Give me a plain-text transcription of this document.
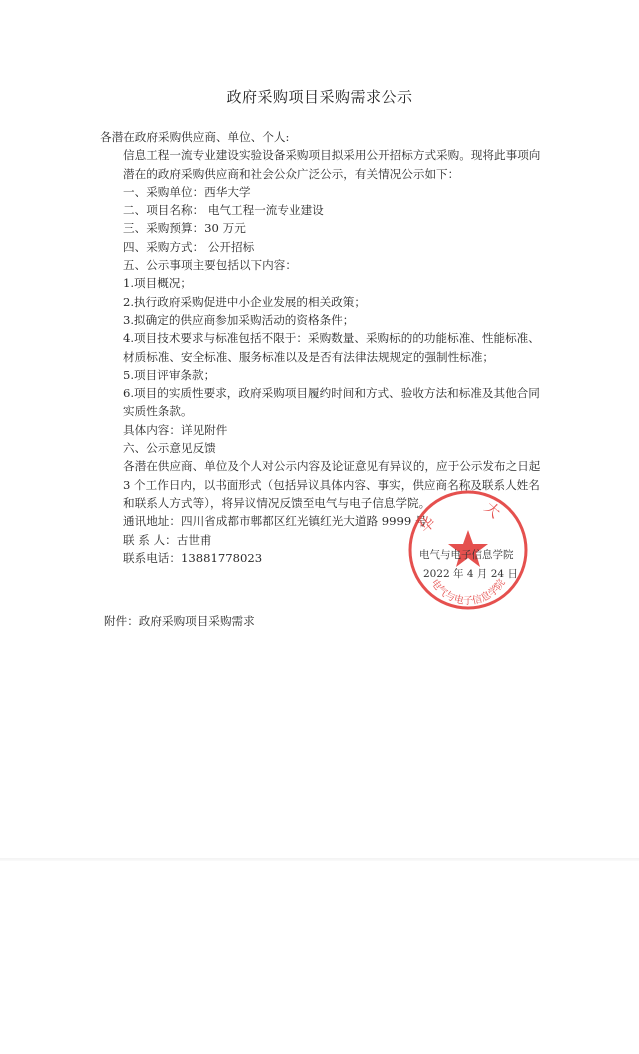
政府采购项目采购需求公示
各潜在政府采购供应商、单位、个人:
信息工程一流专业建设实验设备采购项目拟采用公开招标方式采购。现将此事项向潜在的政府采购供应商和社会公众广泛公示，有关情况公示如下：
一、采购单位：西华大学
二、项目名称： 电气工程一流专业建设
三、采购预算：30 万元
四、采购方式： 公开招标
五、公示事项主要包括以下内容：
1.项目概况；
2.执行政府采购促进中小企业发展的相关政策；
3.拟确定的供应商参加采购活动的资格条件；
4.项目技术要求与标准包括不限于：采购数量、采购标的的功能标准、性能标准、材质标准、安全标准、服务标准以及是否有法律法规规定的强制性标准；
5.项目评审条款；
6.项目的实质性要求，政府采购项目履约时间和方式、验收方法和标准及其他合同实质性条款。
具体内容：详见附件
六、公示意见反馈
各潜在供应商、单位及个人对公示内容及论证意见有异议的，应于公示发布之日起 3 个工作日内，以书面形式（包括异议具体内容、事实，供应商名称及联系人姓名和联系人方式等），将异议情况反馈至电气与电子信息学院。
通讯地址：四川省成都市郫都区红光镇红光大道路 9999 号
联 系 人：古世甫
联系电话：13881778023
华 大
电气与电子信息学院
电气与电子信息学院
2022 年 4 月 24 日
附件：政府采购项目采购需求
